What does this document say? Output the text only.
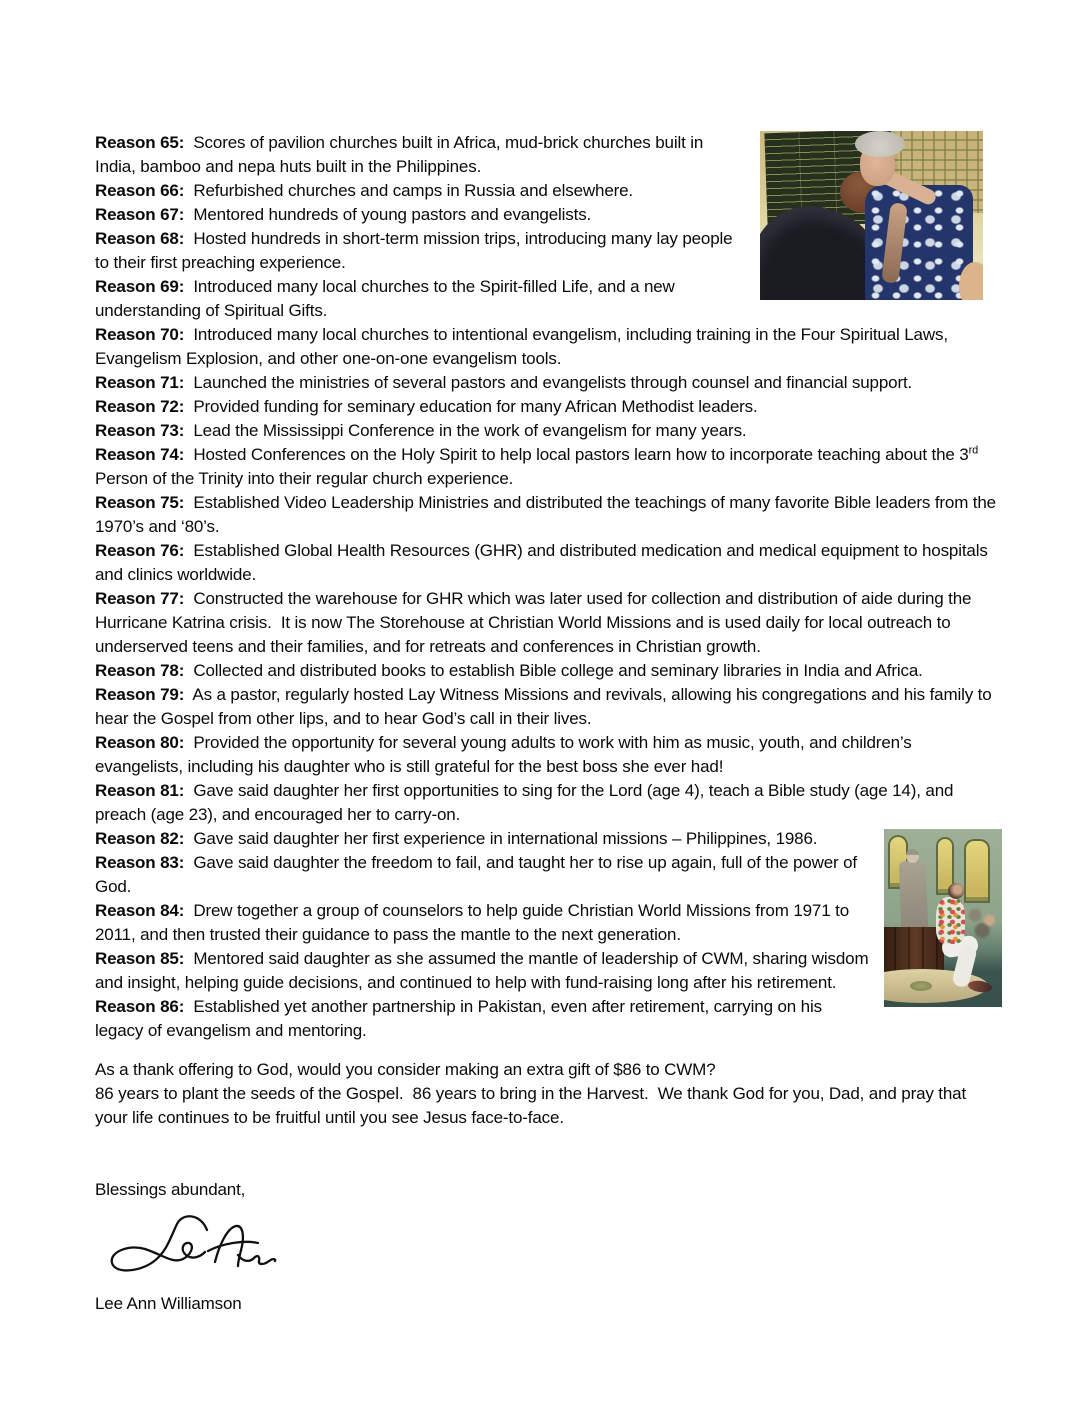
Reason 65:  Scores of pavilion churches built in Africa, mud-brick churches built in India, bamboo and nepa huts built in the Philippines.

Reason 66:  Refurbished churches and camps in Russia and elsewhere.

Reason 67:  Mentored hundreds of young pastors and evangelists.

Reason 68:  Hosted hundreds in short-term mission trips, introducing many lay people to their first preaching experience.

Reason 69:  Introduced many local churches to the Spirit-filled Life, and a new understanding of Spiritual Gifts.

Reason 70:  Introduced many local churches to intentional evangelism, including training in the Four Spiritual Laws, Evangelism Explosion, and other one-on-one evangelism tools.

Reason 71:  Launched the ministries of several pastors and evangelists through counsel and financial support.

Reason 72:  Provided funding for seminary education for many African Methodist leaders.

Reason 73:  Lead the Mississippi Conference in the work of evangelism for many years.

Reason 74:  Hosted Conferences on the Holy Spirit to help local pastors learn how to incorporate teaching about the 3rd Person of the Trinity into their regular church experience.

Reason 75:  Established Video Leadership Ministries and distributed the teachings of many favorite Bible leaders from the 1970’s and ‘80’s.

Reason 76:  Established Global Health Resources (GHR) and distributed medication and medical equipment to hospitals and clinics worldwide.

Reason 77:  Constructed the warehouse for GHR which was later used for collection and distribution of aide during the Hurricane Katrina crisis.  It is now The Storehouse at Christian World Missions and is used daily for local outreach to underserved teens and their families, and for retreats and conferences in Christian growth.

Reason 78:  Collected and distributed books to establish Bible college and seminary libraries in India and Africa.

Reason 79:  As a pastor, regularly hosted Lay Witness Missions and revivals, allowing his congregations and his family to hear the Gospel from other lips, and to hear God’s call in their lives.

Reason 80:  Provided the opportunity for several young adults to work with him as music, youth, and children’s evangelists, including his daughter who is still grateful for the best boss she ever had!

Reason 81:  Gave said daughter her first opportunities to sing for the Lord (age 4), teach a Bible study (age 14), and preach (age 23), and encouraged her to carry-on.

Reason 82:  Gave said daughter her first experience in international missions – Philippines, 1986.

Reason 83:  Gave said daughter the freedom to fail, and taught her to rise up again, full of the power of God.

Reason 84:  Drew together a group of counselors to help guide Christian World Missions from 1971 to 2011, and then trusted their guidance to pass the mantle to the next generation.

Reason 85:  Mentored said daughter as she assumed the mantle of leadership of CWM, sharing wisdom and insight, helping guide decisions, and continued to help with fund-raising long after his retirement.

Reason 86:  Established yet another partnership in Pakistan, even after retirement, carrying on his legacy of evangelism and mentoring.

As a thank offering to God, would you consider making an extra gift of $86 to CWM?

86 years to plant the seeds of the Gospel.  86 years to bring in the Harvest.  We thank God for you, Dad, and pray that your life continues to be fruitful until you see Jesus face-to-face.

Blessings abundant,

Lee Ann Williamson
